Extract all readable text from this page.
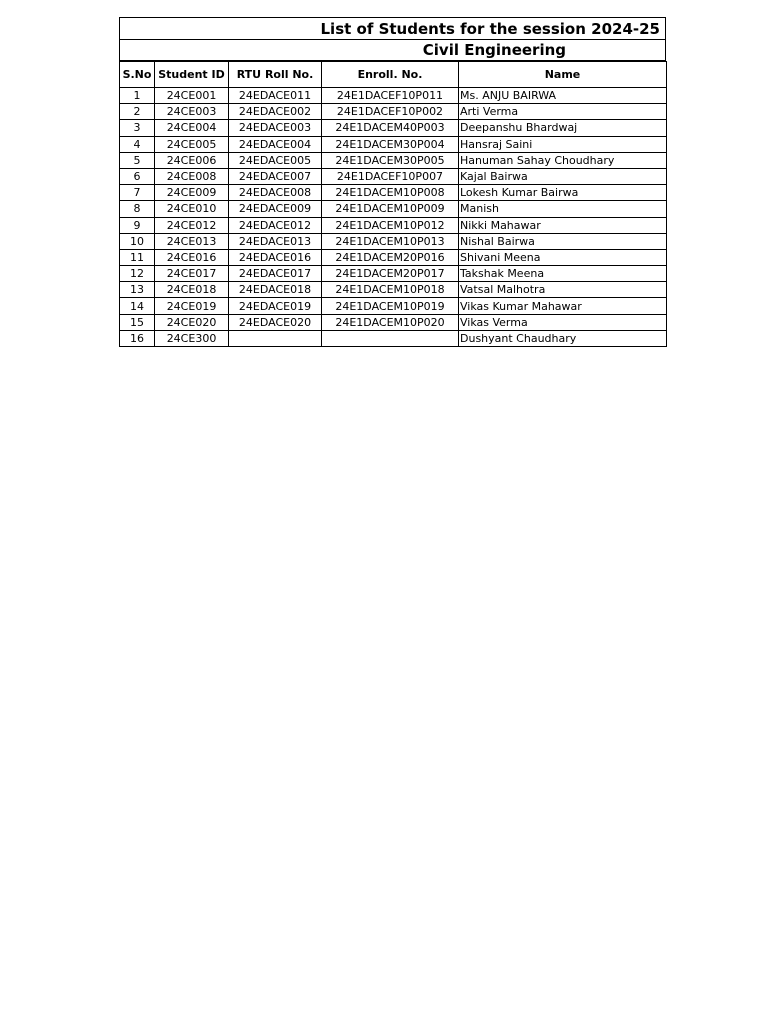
List of Students for the session 2024-25
Civil Engineering
S.No	Student ID	RTU Roll No.	Enroll. No.	Name
1	24CE001	24EDACE011	24E1DACEF10P011	Ms. ANJU BAIRWA
2	24CE003	24EDACE002	24E1DACEF10P002	Arti Verma
3	24CE004	24EDACE003	24E1DACEM40P003	Deepanshu Bhardwaj
4	24CE005	24EDACE004	24E1DACEM30P004	Hansraj Saini
5	24CE006	24EDACE005	24E1DACEM30P005	Hanuman Sahay Choudhary
6	24CE008	24EDACE007	24E1DACEF10P007	Kajal Bairwa
7	24CE009	24EDACE008	24E1DACEM10P008	Lokesh Kumar Bairwa
8	24CE010	24EDACE009	24E1DACEM10P009	Manish
9	24CE012	24EDACE012	24E1DACEM10P012	Nikki Mahawar
10	24CE013	24EDACE013	24E1DACEM10P013	Nishal Bairwa
11	24CE016	24EDACE016	24E1DACEM20P016	Shivani Meena
12	24CE017	24EDACE017	24E1DACEM20P017	Takshak Meena
13	24CE018	24EDACE018	24E1DACEM10P018	Vatsal Malhotra
14	24CE019	24EDACE019	24E1DACEM10P019	Vikas Kumar Mahawar
15	24CE020	24EDACE020	24E1DACEM10P020	Vikas Verma
16	24CE300			Dushyant Chaudhary
